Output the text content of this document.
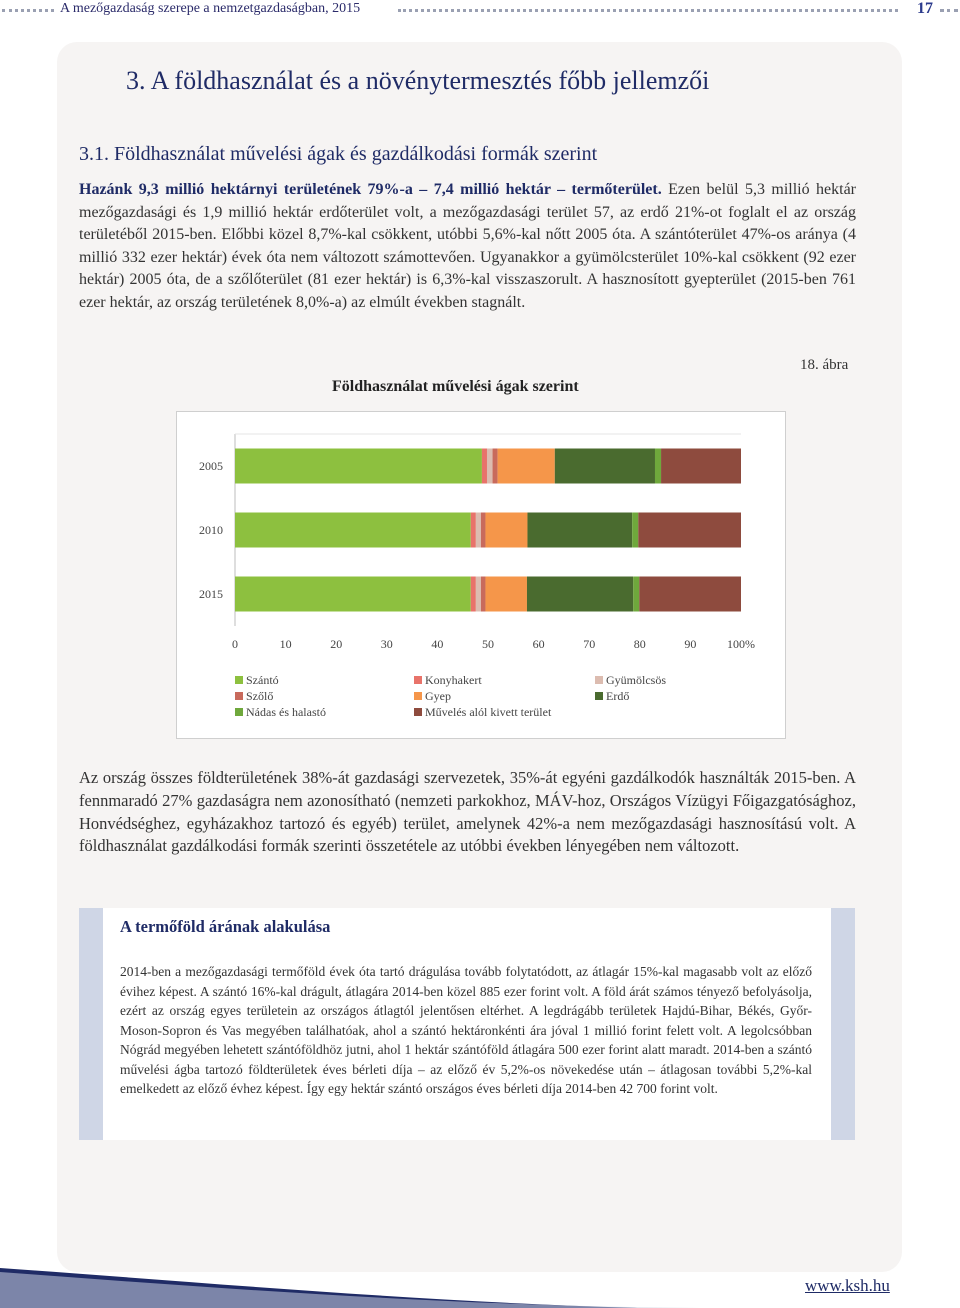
A mezőgazdaság szerepe a nemzetgazdaságban, 2015	17
3. A földhasználat és a növénytermesztés főbb jellemzői
3.1. Földhasználat művelési ágak és gazdálkodási formák szerint
Hazánk 9,3 millió hektárnyi területének 79%-a – 7,4 millió hektár – termőterület. Ezen belül 5,3 millió hektár mezőgazdasági és 1,9 millió hektár erdőterület volt, a mezőgazdasági terület 57, az erdő 21%-ot foglalt el az ország területéből 2015-ben. Előbbi közel 8,7%-kal csökkent, utóbbi 5,6%-kal nőtt 2005 óta. A szántóterület 47%-os aránya (4 millió 332 ezer hektár) évek óta nem változott számottevően. Ugyanakkor a gyümölcsterület 10%-kal csökkent (92 ezer hektár) 2005 óta, de a szőlőterület (81 ezer hektár) is 6,3%-kal visszaszorult. A hasznosított gyepterület (2015-ben 761 ezer hektár, az ország területének 8,0%-a) az elmúlt években stagnált.
18. ábra
Földhasználat művelési ágak szerint
2005
2010
2015
0	10	20	30	40	50	60	70	80	90	100%
Szántó	Konyhakert	Gyümölcsös
Szőlő	Gyep	Erdő
Nádas és halastó	Művelés alól kivett terület
Az ország összes földterületének 38%-át gazdasági szervezetek, 35%-át egyéni gazdálkodók használták 2015-ben. A fennmaradó 27% gazdaságra nem azonosítható (nemzeti parkokhoz, MÁV-hoz, Országos Vízügyi Főigazgatósághoz, Honvédséghez, egyházakhoz tartozó és egyéb) terület, amelynek 42%-a nem mezőgazdasági hasznosítású volt. A földhasználat gazdálkodási formák szerinti összetétele az utóbbi években lényegében nem változott.
A termőföld árának alakulása
2014-ben a mezőgazdasági termőföld évek óta tartó drágulása tovább folytatódott, az átlagár 15%-kal magasabb volt az előző évihez képest. A szántó 16%-kal drágult, átlagára 2014-ben közel 885 ezer forint volt. A föld árát számos tényező befolyásolja, ezért az ország egyes területein az országos átlagtól jelentősen eltérhet. A legdrágább területek Hajdú-Bihar, Békés, Győr-Moson-Sopron és Vas megyében találhatóak, ahol a szántó hektáronkénti ára jóval 1 millió forint felett volt. A legolcsóbban Nógrád megyében lehetett szántóföldhöz jutni, ahol 1 hektár szántóföld átlagára 500 ezer forint alatt maradt. 2014-ben a szántó művelési ágba tartozó földterületek éves bérleti díja – az előző év 5,2%-os növekedése után – átlagosan további 5,2%-kal emelkedett az előző évhez képest. Így egy hektár szántó országos éves bérleti díja 2014-ben 42 700 forint volt.
www.ksh.hu
